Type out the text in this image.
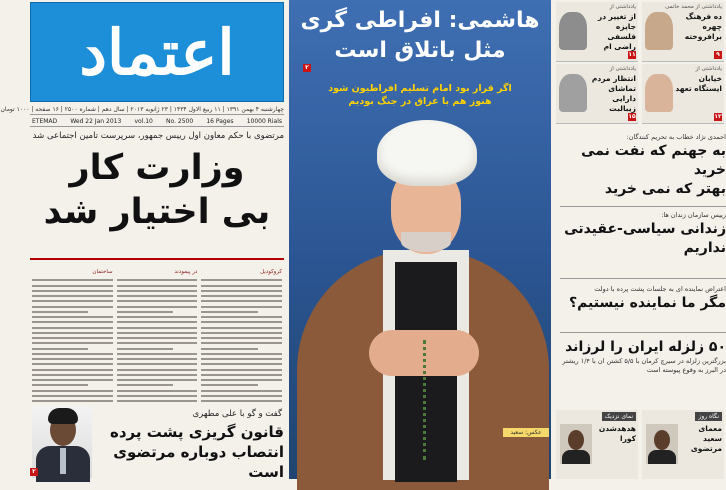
اعتماد
چهارشنبه ۴ بهمن ۱۳۹۱ | ۱۱ ربیع الاول ۱۴۳۴ | ۲۳ ژانویه ۲۰۱۳ | سال دهم | شماره ۲۵۰۰ | ۱۶ صفحه | ۱۰۰۰ تومان
ETEMAD	Wed 22 Jan 2013	vol.10	No. 2500	16 Pages	10000 Rials
مرتضوی با حکم معاون اول رییس جمهور، سرپرست تامین اجتماعی شد
وزارت کار
بی اختیار شد
کروکودیل
در پیمودند
ساختمان
گفت و گو با علی مطهری
قانون گریزی پشت پرده
انتصاب دوباره مرتضوی است
۲
هاشمی: افراطی گری
مثل باتلاق است
اگر قرار بود امام تسلیم افراطیون شود
هنوز هم با عراق در جنگ بودیم
عکس: سعید
۲
یادداشتی از محمد خاتمی
ده فرهنگ چهره برافروخته
۹
یادداشتی از
از تغییر در جایزه فلسفی راضی ام
۱۱
یادداشتی از
خیابان ایستگاه تعهد
۱۲
یادداشتی از
انتظار مردم تماشای دارایی زیبالبت
۱۵
احمدی نژاد خطاب به تحریم کنندگان:
به جهنم که نفت نمی خرید
بهتر که نمی خرید
رییس سازمان زندان ها:
زندانی سیاسی-عقیدتی
نداریم
اعتراض نماینده ای به جلسات پشت پرده با دولت
مگر ما نماینده نیستیم؟
۵۰ زلزله ایران را لرزاند
بزرگترین زلزله در سیرچ کرمان با ۵/۵ کشتن ان با ۱/۴ ریشتر در البرز به وقوع پیوسته است
نمای نزدیک
هدهدشدن کورا
نگاه روز
معمای سعید مرتضوی
